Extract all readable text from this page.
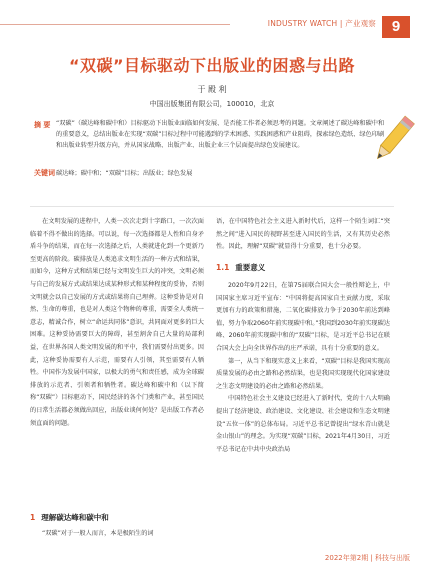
INDUSTRY WATCH | 产业观察	9
“双碳”目标驱动下出版业的困惑与出路
于 殿 利
中国出版集团有限公司，100010，北京
摘 要 “双碳”（碳达峰和碳中和）目标驱动下出版业面临如何发展、是否能工作者必须思考的问题。文章阐述了碳达峰和碳中和的重要意义，总结出版业在实现“双碳”目标过程中可能遇到的学术困惑、实践困惑和产业阻碍，探索绿色造纸、绿色印刷和出版业转型升级方向，并从国家战略、出版产业、出版企业三个层面提出绿色发展建议。
关键词 碳达峰；碳中和；“双碳”目标；出版业；绿色发展

在文明发展的进程中，人类一次次走到十字路口，一次次面临着不得不做出的选择。可以说，每一次选择都是人性和自身矛盾斗争的结果，而在每一次选择之后，人类就进化到一个更新乃至更高的阶段。碳排放是人类追求文明生活的一种方式和结果，而如今，这种方式和结果已经与文明发生巨大的冲突，文明必须与自己的发展方式或结果达成某种形式和某种程度的妥协，否则文明就会以自己发展的方式或结果将自己埋葬。这种妥协是对自然、生命的尊重，也是对人类这个物种的尊重，需要全人类统一意志，精诚合作，树立“命运共同体”意识，共同面对更多的巨大困难。这种妥协需要巨大的障碍，甚至割舍自己大量的局部利益，在世界各国人类文明发展的和平中，我们需要付出更多。因此，这种妥协需要有人示范，需要有人引领，其至需要有人牺牲。中国作为发展中国家，以极大的勇气和责任感，成为全球碳排放的示范者、引领者和牺牲者。碳达峰和碳中和（以下简称“双碳”）目标驱动下，国民经济的各个门类和产业，甚至国民的日常生活都必须做出回应，出版业谈何何处？是出版工作者必须直面的问题。

1 理解碳达峰和碳中和

“双碳”对于一般人而言，本是极陌生的词

语，在中国特色社会主义进入新时代后，这样一个陌生词汇“突然之间”进入国民的视野甚至进入国民的生活，又有其历史必然性。因此，理解“双碳”就显得十分重要，也十分必要。

1.1 重要意义

2020年9月22日，在第75届联合国大会一般性辩论上，中国国家主席习近平宣布：“中国将提高国家自主贡献力度，采取更加有力的政策和措施，二氧化碳排放力争于2030年前达到峰值，努力争取2060年前实现碳中和。”我国到2030年前实现碳达峰、2060年前实现碳中和的“双碳”目标，是习近平总书记在联合国大会上向全世界作出的庄严承诺，具有十分重要的意义。

第一，从当下和现实意义上来看，“双碳”目标是我国实现高质量发展的必由之路和必然结果，也是我国实现现代化国家建设之生态文明建设的必由之路和必然结果。

中国特色社会主义建设已经进入了新时代，党的十八大明确提出了经济建设、政治建设、文化建设、社会建设和生态文明建设“五位一体”的总体布局。习近平总书记曾提出“绿水青山就是金山银山”的理念。为实现“双碳”目标，2021年4月30日，习近平总书记在中共中央政治局

2022年第2期 | 科技与出版
